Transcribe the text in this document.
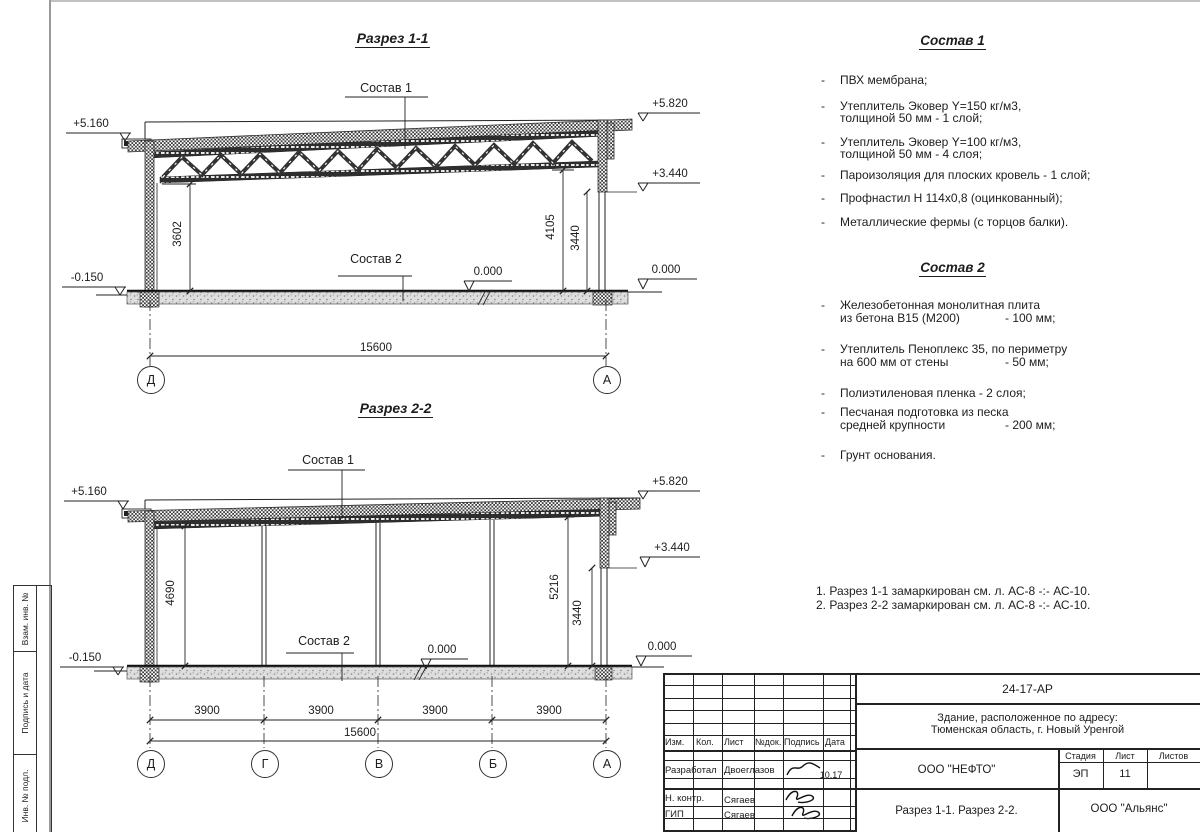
Разрез 1-1
Состав 1
Состав 2
+5.160
-0.150
+5.820
+3.440
0.000
0.000
3602	4105 3440
15600
Д	А
Разрез 2-2
Состав 1
Состав 2
+5.160
-0.150
+5.820
+3.440
0.000
0.000
4690	5216
3440
3900	3900	3900	3900
15600
Д	Г	В	Б	А
Состав 1
- ПВХ мембрана;
- Утеплитель Эковер Y=150 кг/м3,
толщиной 50 мм - 1 слой;
- Утеплитель Эковер Y=100 кг/м3,
толщиной 50 мм - 4 слоя;
- Пароизоляция для плоских кровель - 1 слой;
- Профнастил Н 114х0,8 (оцинкованный);
- Металлические фермы (с торцов балки).
Состав 2
- Железобетонная монолитная плита
из бетона В15 (М200)	- 100 мм;
- Утеплитель Пеноплекс 35, по периметру
на 600 мм от стены	- 50 мм;
- Полиэтиленовая пленка - 2 слоя;
- Песчаная подготовка из песка
средней крупности	- 200 мм;
- Грунт основания.
1. Разрез 1-1 замаркирован см. л. АС-8 -:- АС-10.
2. Разрез 2-2 замаркирован см. л. АС-8 -:- АС-10.
Изм. Кол. Лист №док. Подпись Дата
Разработал Двоеглазов	10.17
Н. контр. Сягаев
ГИП	Сягаев
24-17-АР
Здание, расположенное по адресу:
Тюменская область, г. Новый Уренгой
ООО "НЕФТО"
Стадия	Лист	Листов
ЭП	11
Разрез 1-1. Разрез 2-2.	ООО "Альянс"
Взам. инв. №
Подпись и дата
Инв. № подл.
